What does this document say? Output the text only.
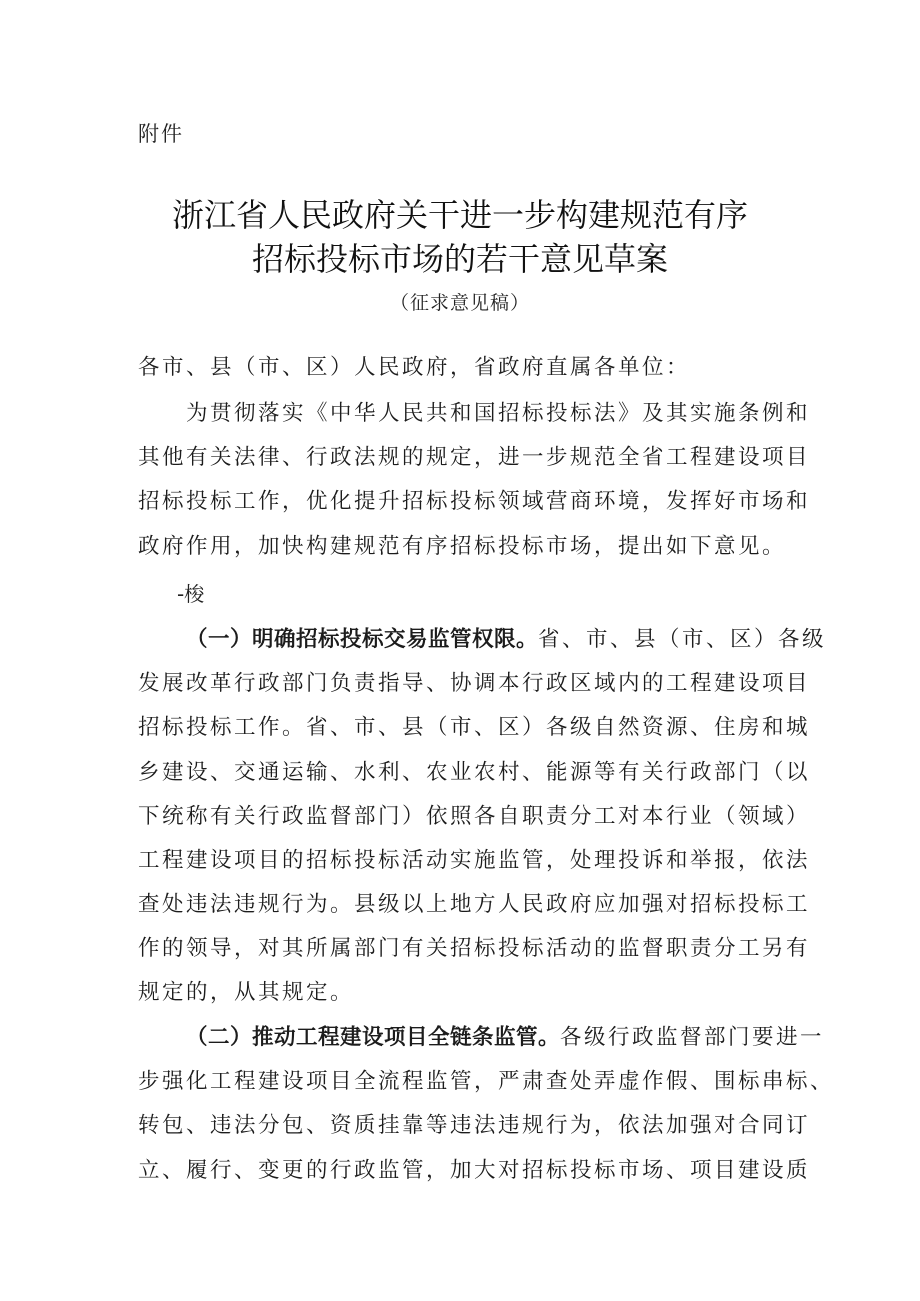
附件
浙江省人民政府关干进一步构建规范有序
招标投标市场的若干意见草案
（征求意见稿）
各市、县（市、区）人民政府，省政府直属各单位：
为贯彻落实《中华人民共和国招标投标法》及其实施条例和
其他有关法律、行政法规的规定，进一步规范全省工程建设项目
招标投标工作，优化提升招标投标领域营商环境，发挥好市场和
政府作用，加快构建规范有序招标投标市场，提出如下意见。
-梭
（一）明确招标投标交易监管权限。省、市、县（市、区）各级
发展改革行政部门负责指导、协调本行政区域内的工程建设项目
招标投标工作。省、市、县（市、区）各级自然资源、住房和城
乡建设、交通运输、水利、农业农村、能源等有关行政部门（以
下统称有关行政监督部门）依照各自职责分工对本行业（领域）
工程建设项目的招标投标活动实施监管，处理投诉和举报，依法
查处违法违规行为。县级以上地方人民政府应加强对招标投标工
作的领导，对其所属部门有关招标投标活动的监督职责分工另有
规定的，从其规定。
（二）推动工程建设项目全链条监管。各级行政监督部门要进一
步强化工程建设项目全流程监管，严肃查处弄虚作假、围标串标、
转包、违法分包、资质挂靠等违法违规行为，依法加强对合同订
立、履行、变更的行政监管，加大对招标投标市场、项目建设质
